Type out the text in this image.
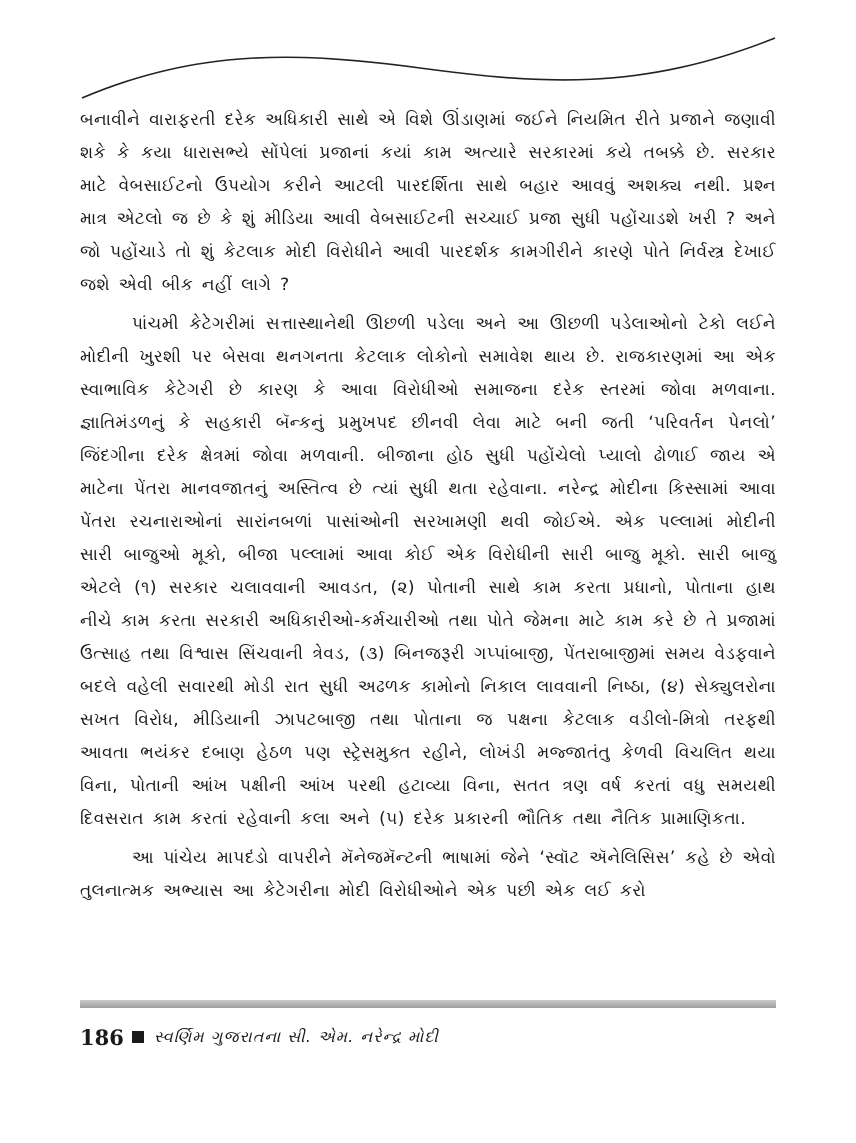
બનાવીને વારાફરતી દરેક અધિકારી સાથે એ વિશે ઊંડાણમાં જઈને નિયમિત રીતે પ્રજાને જણાવી શકે કે કયા ધારાસભ્યે સોંપેલાં પ્રજાનાં કયાં કામ અત્યારે સરકારમાં કયે તબક્કે છે. સરકાર માટે વેબસાઈટનો ઉપયોગ કરીને આટલી પારદર્શિતા સાથે બહાર આવવું અશક્ય નથી. પ્રશ્ન માત્ર એટલો જ છે કે શું મીડિયા આવી વેબસાઈટની સચ્ચાઈ પ્રજા સુધી પહોંચાડશે ખરી ? અને જો પહોંચાડે તો શું કેટલાક મોદી વિરોધીને આવી પારદર્શક કામગીરીને કારણે પોતે નિર્વસ્ત્ર દેખાઈ જશે એવી બીક નહીં લાગે ?

પાંચમી કેટેગરીમાં સત્તાસ્થાનેથી ઊછળી પડેલા અને આ ઊછળી પડેલાઓનો ટેકો લઈને મોદીની ખુરશી પર બેસવા થનગનતા કેટલાક લોકોનો સમાવેશ થાય છે. રાજકારણમાં આ એક સ્વાભાવિક કેટેગરી છે કારણ કે આવા વિરોધીઓ સમાજના દરેક સ્તરમાં જોવા મળવાના. જ્ઞાતિમંડળનું કે સહકારી બૅન્કનું પ્રમુખપદ છીનવી લેવા માટે બની જતી ‘પરિવર્તન પેનલો’ જિંદગીના દરેક ક્ષેત્રમાં જોવા મળવાની. બીજાના હોઠ સુધી પહોંચેલો પ્યાલો ઢોળાઈ જાય એ માટેના પેંતરા માનવજાતનું અસ્તિત્વ છે ત્યાં સુધી થતા રહેવાના. નરેન્દ્ર મોદીના કિસ્સામાં આવા પેંતરા રચનારાઓનાં સારાંનબળાં પાસાંઓની સરખામણી થવી જોઈએ. એક પલ્લામાં મોદીની સારી બાજુઓ મૂકો, બીજા પલ્લામાં આવા કોઈ એક વિરોધીની સારી બાજુ મૂકો. સારી બાજુ એટલે (૧) સરકાર ચલાવવાની આવડત, (૨) પોતાની સાથે કામ કરતા પ્રધાનો, પોતાના હાથ નીચે કામ કરતા સરકારી અધિકારીઓ-કર્મચારીઓ તથા પોતે જેમના માટે કામ કરે છે તે પ્રજામાં ઉત્સાહ તથા વિશ્વાસ સિંચવાની ત્રેવડ, (૩) બિનજરૂરી ગપ્પાંબાજી, પેંતરાબાજીમાં સમય વેડફવાને બદલે વહેલી સવારથી મોડી રાત સુધી અઢળક કામોનો નિકાલ લાવવાની નિષ્ઠા, (૪) સેક્યુલરોના સખત વિરોધ, મીડિયાની ઝાપટબાજી તથા પોતાના જ પક્ષના કેટલાક વડીલો-મિત્રો તરફથી આવતા ભયંકર દબાણ હેઠળ પણ સ્ટ્રેસમુક્ત રહીને, લોખંડી મજ્જાતંતુ કેળવી વિચલિત થયા વિના, પોતાની આંખ પક્ષીની આંખ પરથી હટાવ્યા વિના, સતત ત્રણ વર્ષ કરતાં વધુ સમયથી દિવસરાત કામ કરતાં રહેવાની કલા અને (૫) દરેક પ્રકારની ભૌતિક તથા નૈતિક પ્રામાણિકતા.

આ પાંચેય માપદંડો વાપરીને મૅનેજમૅન્ટની ભાષામાં જેને ‘સ્વૉટ ઍનેલિસિસ’ કહે છે એવો તુલનાત્મક અભ્યાસ આ કેટેગરીના મોદી વિરોધીઓને એક પછી એક લઈ કરો

186 સ્વર્ણિમ ગુજરાતના સી. એમ. નરેન્દ્ર મોદી
